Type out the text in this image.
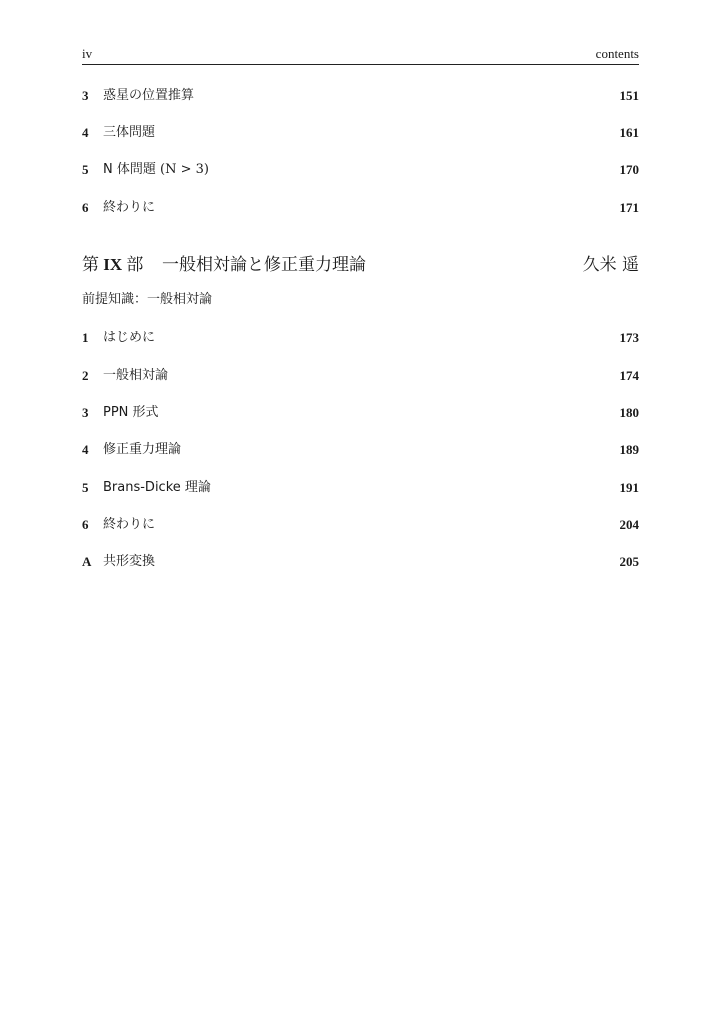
iv	contents
3 惑星の位置推算	151
4 三体問題	161
5 N 体問題 (N > 3)	170
6 終わりに	171
第 IX 部 一般相対論と修正重力理論	久米 遥
前提知識：一般相対論
1 はじめに	173
2 一般相対論	174
3 PPN 形式	180
4 修正重力理論	189
5 Brans-Dicke 理論	191
6 終わりに	204
A 共形変換	205
